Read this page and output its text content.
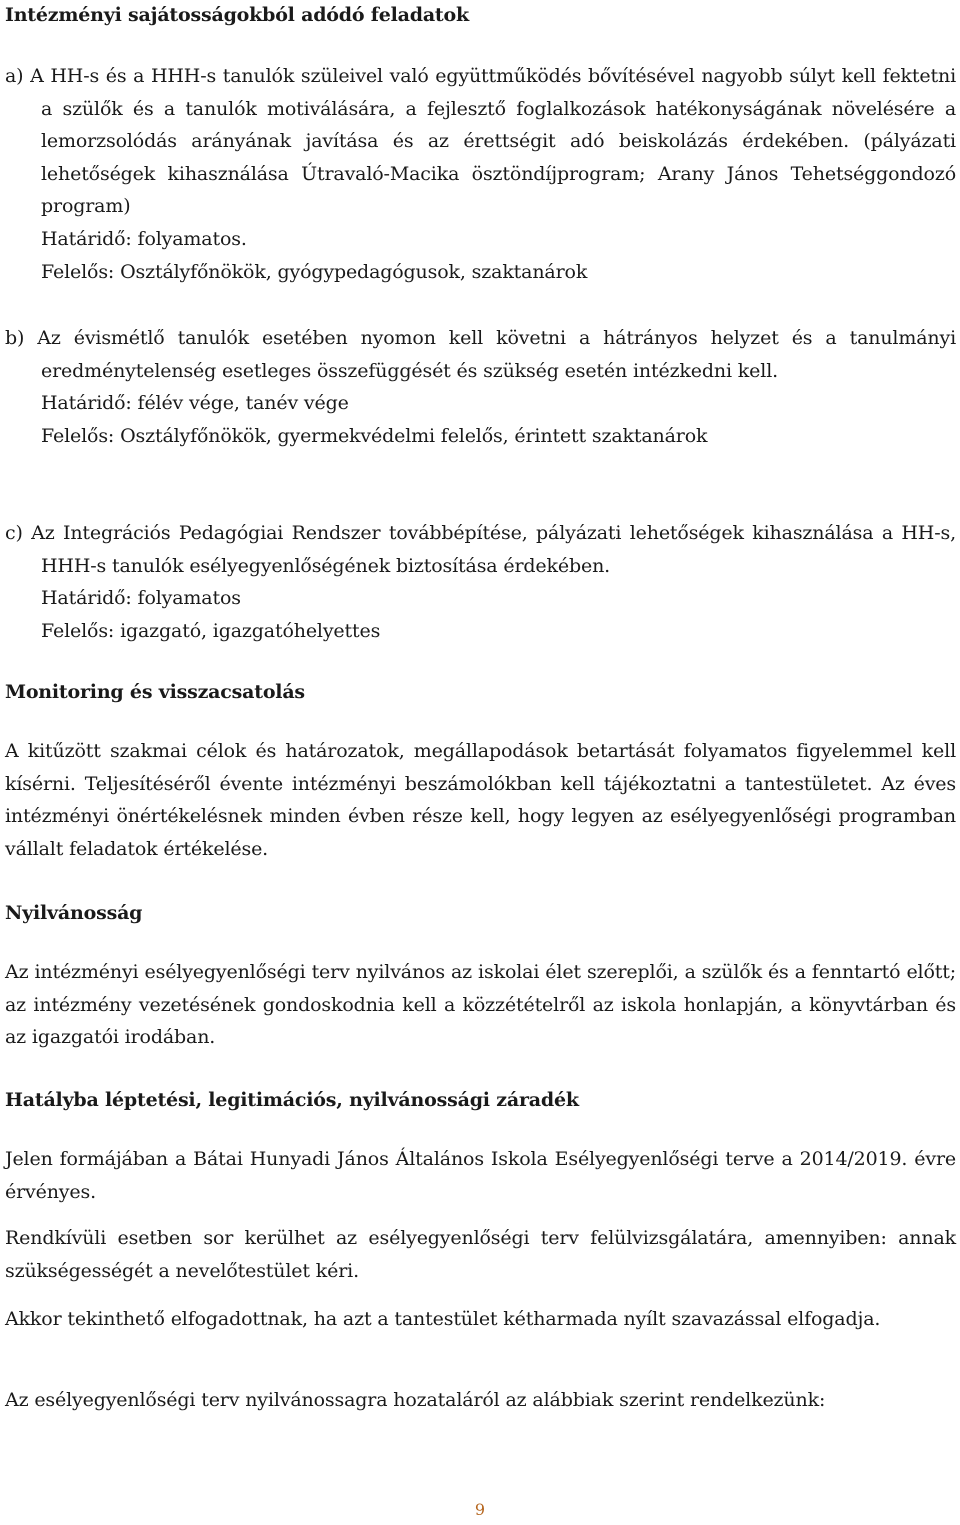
Intézményi sajátosságokból adódó feladatok

a) A HH-s és a HHH-s tanulók szüleivel való együttműködés bővítésével nagyobb súlyt kell fektetni a szülők és a tanulók motiválására, a fejlesztő foglalkozások hatékonyságának növelésére a lemorzsolódás arányának javítása és az érettségit adó beiskolázás érdekében. (pályázati lehetőségek kihasználása Útravaló-Macika ösztöndíjprogram; Arany János Tehetséggondozó program)

Határidő: folyamatos.

Felelős: Osztályfőnökök, gyógypedagógusok, szaktanárok

b) Az évismétlő tanulók esetében nyomon kell követni a hátrányos helyzet és a tanulmányi eredménytelenség esetleges összefüggését és szükség esetén intézkedni kell.

Határidő: félév vége, tanév vége

Felelős: Osztályfőnökök, gyermekvédelmi felelős, érintett szaktanárok

c) Az Integrációs Pedagógiai Rendszer továbbépítése, pályázati lehetőségek kihasználása a HH-s, HHH-s tanulók esélyegyenlőségének biztosítása érdekében.

Határidő: folyamatos

Felelős: igazgató, igazgatóhelyettes

Monitoring és visszacsatolás

A kitűzött szakmai célok és határozatok, megállapodások betartását folyamatos figyelemmel kell kísérni. Teljesítéséről évente intézményi beszámolókban kell tájékoztatni a tantestületet. Az éves intézményi önértékelésnek minden évben része kell, hogy legyen az esélyegyenlőségi programban vállalt feladatok értékelése.

Nyilvánosság

Az intézményi esélyegyenlőségi terv nyilvános az iskolai élet szereplői, a szülők és a fenntartó előtt; az intézmény vezetésének gondoskodnia kell a közzétételről az iskola honlapján, a könyvtárban és az igazgatói irodában.

Hatályba léptetési, legitimációs, nyilvánossági záradék

Jelen formájában a Bátai Hunyadi János Általános Iskola Esélyegyenlőségi terve a 2014/2019. évre érvényes.

Rendkívüli esetben sor kerülhet az esélyegyenlőségi terv felülvizsgálatára, amennyiben: annak szükségességét a nevelőtestület kéri.

Akkor tekinthető elfogadottnak, ha azt a tantestület kétharmada nyílt szavazással elfogadja.

Az esélyegyenlőségi terv nyilvánossagra hozataláról az alábbiak szerint rendelkezünk:

9
